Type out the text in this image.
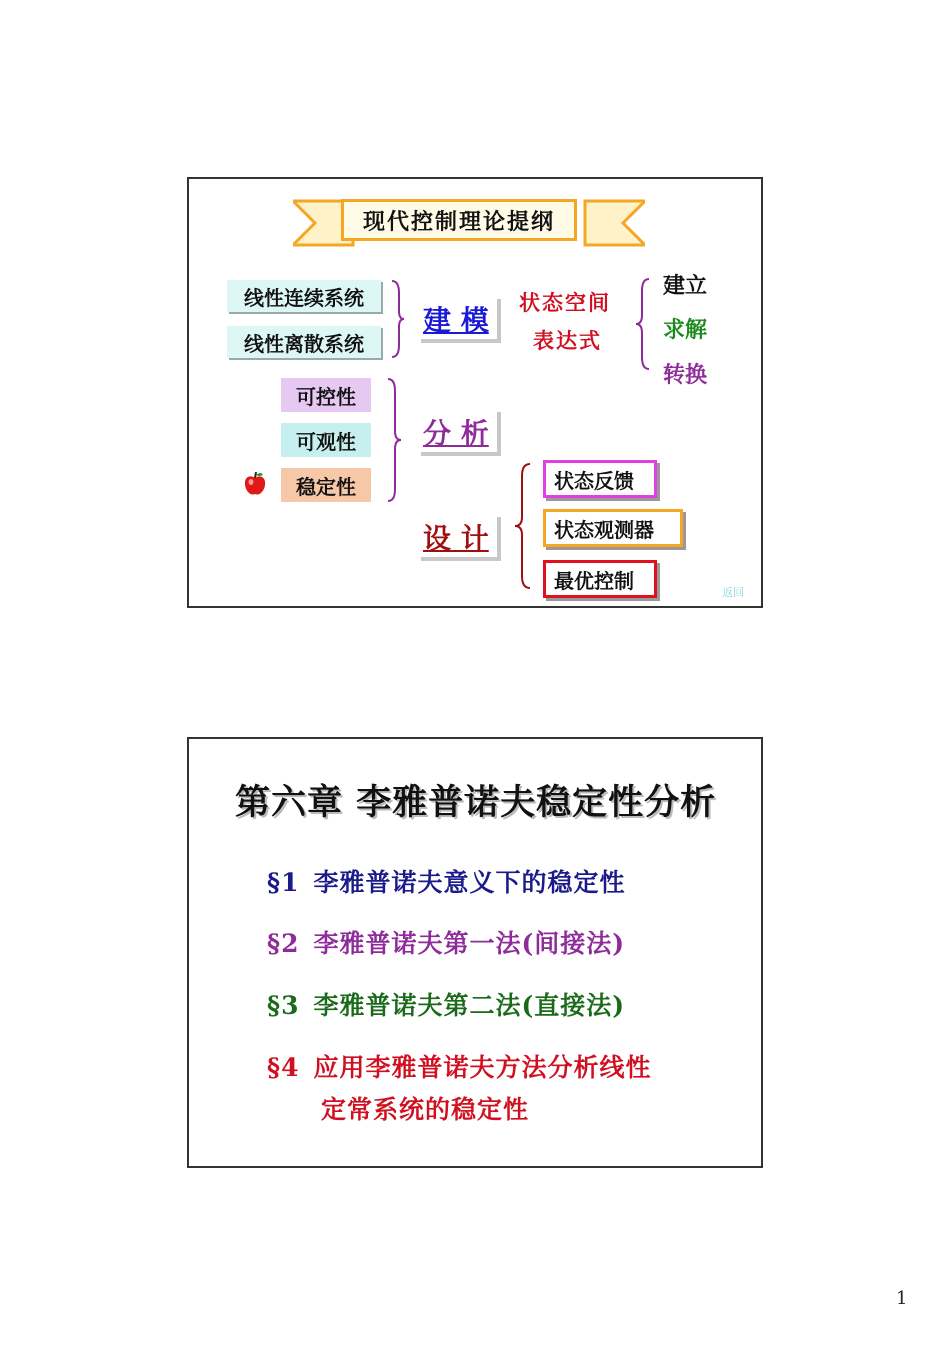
现代控制理论提纲
线性连续系统
线性离散系统
建 模
状态空间
表达式
建立
求解
转换
可控性
可观性
稳定性
分 析
设 计
状态反馈
状态观测器
最优控制	返回
第六章 李雅普诺夫稳定性分析
§1 李雅普诺夫意义下的稳定性
§2 李雅普诺夫第一法(间接法)
§3 李雅普诺夫第二法(直接法)
§4 应用李雅普诺夫方法分析线性
定常系统的稳定性
1
